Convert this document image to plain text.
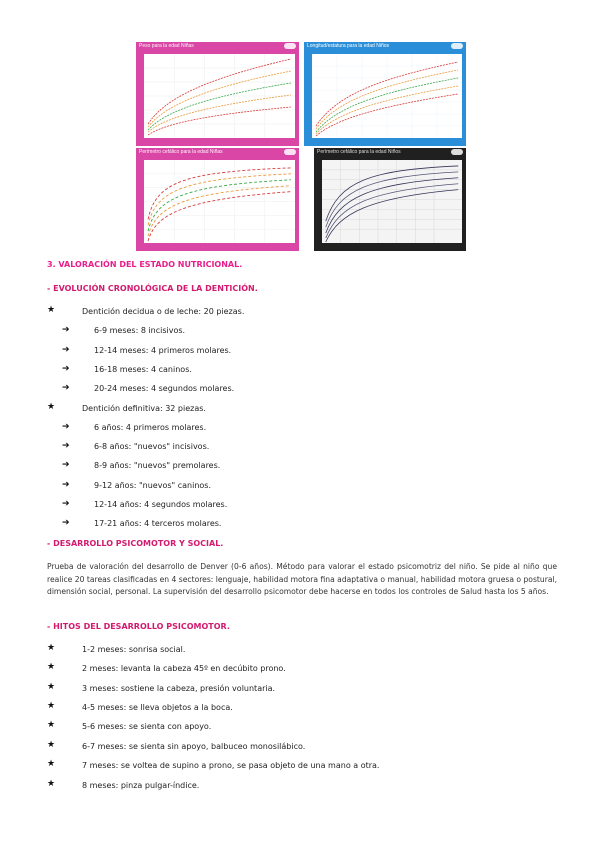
Peso para la edad Niñas	Longitud/estatura para la edad Niños
Perímetro cefálico para la edad Niñas	Perímetro cefálico para la edad Niños
3. VALORACIÓN DEL ESTADO NUTRICIONAL.
- EVOLUCIÓN CRONOLÓGICA DE LA DENTICIÓN.
★	Dentición decidua o de leche: 20 piezas.
➔	6-9 meses: 8 incisivos.
➔	12-14 meses: 4 primeros molares.
➔	16-18 meses: 4 caninos.
➔	20-24 meses: 4 segundos molares.
★	Dentición definitiva: 32 piezas.
➔	6 años: 4 primeros molares.
➔	6-8 años: "nuevos" incisivos.
➔	8-9 años: "nuevos" premolares.
➔	9-12 años: "nuevos" caninos.
➔	12-14 años: 4 segundos molares.
➔	17-21 años: 4 terceros molares.
- DESARROLLO PSICOMOTOR Y SOCIAL.
Prueba de valoración del desarrollo de Denver (0-6 años). Método para valorar el estado psicomotriz del niño. Se pide al niño que realice 20 tareas clasificadas en 4 sectores: lenguaje, habilidad motora fina adaptativa o manual, habilidad motora gruesa o postural, dimensión social, personal. La supervisión del desarrollo psicomotor debe hacerse en todos los controles de Salud hasta los 5 años.
- HITOS DEL DESARROLLO PSICOMOTOR.
★	1-2 meses: sonrisa social.
★	2 meses: levanta la cabeza 45º en decúbito prono.
★	3 meses: sostiene la cabeza, presión voluntaria.
★	4-5 meses: se lleva objetos a la boca.
★	5-6 meses: se sienta con apoyo.
★	6-7 meses: se sienta sin apoyo, balbuceo monosilábico.
★	7 meses: se voltea de supino a prono, se pasa objeto de una mano a otra.
★	8 meses: pinza pulgar-índice.
